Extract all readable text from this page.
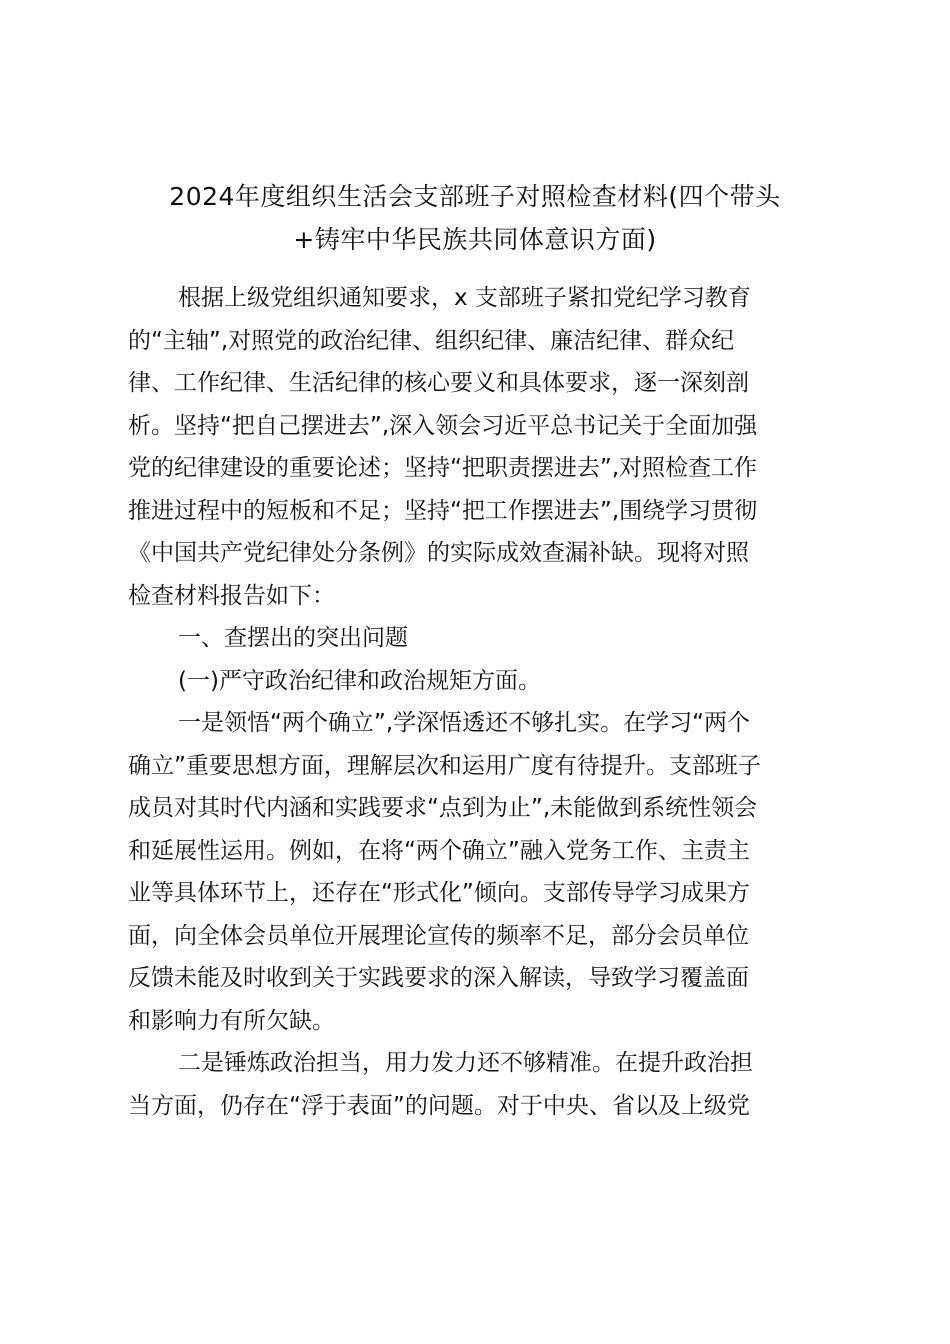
2024年度组织生活会支部班子对照检查材料(四个带头
+铸牢中华民族共同体意识方面)
根据上级党组织通知要求，x 支部班子紧扣党纪学习教育
的“主轴”,对照党的政治纪律、组织纪律、廉洁纪律、群众纪
律、工作纪律、生活纪律的核心要义和具体要求，逐一深刻剖
析。坚持“把自己摆进去”,深入领会习近平总书记关于全面加强
党的纪律建设的重要论述；坚持“把职责摆进去”,对照检查工作
推进过程中的短板和不足；坚持“把工作摆进去”,围绕学习贯彻
《中国共产党纪律处分条例》的实际成效查漏补缺。现将对照
检查材料报告如下：
一、查摆出的突出问题
(一)严守政治纪律和政治规矩方面。
一是领悟“两个确立”,学深悟透还不够扎实。在学习“两个
确立”重要思想方面，理解层次和运用广度有待提升。支部班子
成员对其时代内涵和实践要求“点到为止”,未能做到系统性领会
和延展性运用。例如，在将“两个确立”融入党务工作、主责主
业等具体环节上，还存在“形式化”倾向。支部传导学习成果方
面，向全体会员单位开展理论宣传的频率不足，部分会员单位
反馈未能及时收到关于实践要求的深入解读，导致学习覆盖面
和影响力有所欠缺。
二是锤炼政治担当，用力发力还不够精准。在提升政治担
当方面，仍存在“浮于表面”的问题。对于中央、省以及上级党
